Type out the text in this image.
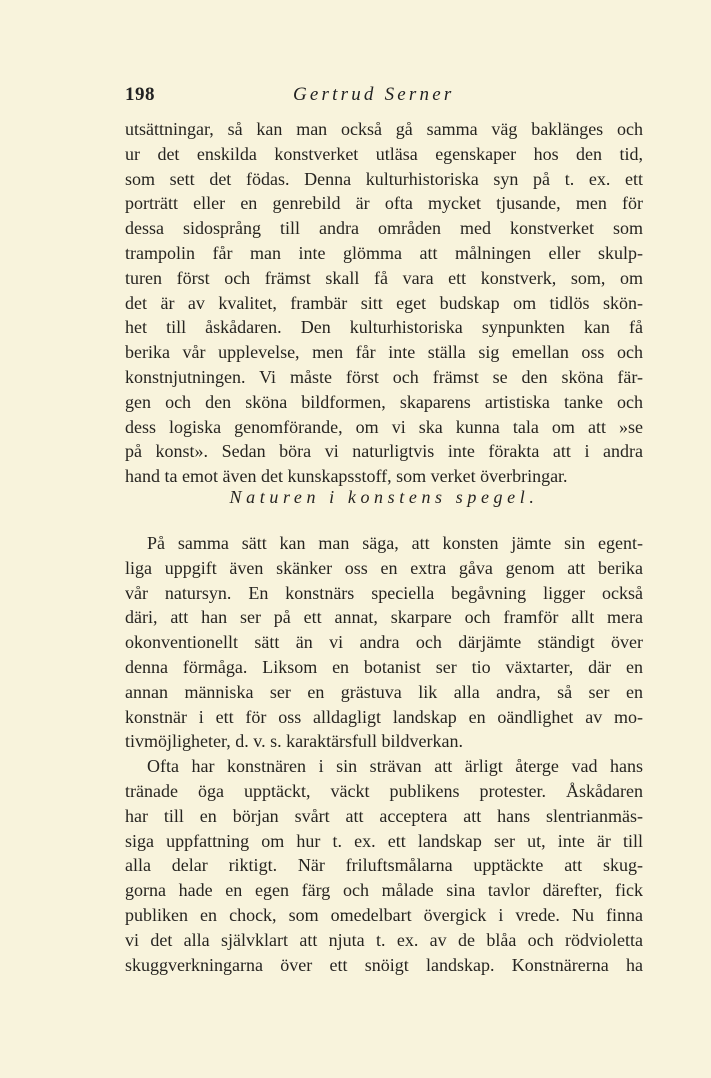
198	Gertrud Serner
utsättningar, så kan man också gå samma väg baklänges och
ur det enskilda konstverket utläsa egenskaper hos den tid,
som sett det födas. Denna kulturhistoriska syn på t. ex. ett
porträtt eller en genrebild är ofta mycket tjusande, men för
dessa sidosprång till andra områden med konstverket som
trampolin får man inte glömma att målningen eller skulp-
turen först och främst skall få vara ett konstverk, som, om
det är av kvalitet, frambär sitt eget budskap om tidlös skön-
het till åskådaren. Den kulturhistoriska synpunkten kan få
berika vår upplevelse, men får inte ställa sig emellan oss och
konstnjutningen. Vi måste först och främst se den sköna fär-
gen och den sköna bildformen, skaparens artistiska tanke och
dess logiska genomförande, om vi ska kunna tala om att »se
på konst». Sedan böra vi naturligtvis inte förakta att i andra
hand ta emot även det kunskapsstoff, som verket överbringar.
Naturen i konstens spegel.
På samma sätt kan man säga, att konsten jämte sin egent-
liga uppgift även skänker oss en extra gåva genom att berika
vår natursyn. En konstnärs speciella begåvning ligger också
däri, att han ser på ett annat, skarpare och framför allt mera
okonventionellt sätt än vi andra och därjämte ständigt över
denna förmåga. Liksom en botanist ser tio växtarter, där en
annan människa ser en grästuva lik alla andra, så ser en
konstnär i ett för oss alldagligt landskap en oändlighet av mo-
tivmöjligheter, d. v. s. karaktärsfull bildverkan.
Ofta har konstnären i sin strävan att ärligt återge vad hans
tränade öga upptäckt, väckt publikens protester. Åskådaren
har till en början svårt att acceptera att hans slentrianmäs-
siga uppfattning om hur t. ex. ett landskap ser ut, inte är till
alla delar riktigt. När friluftsmålarna upptäckte att skug-
gorna hade en egen färg och målade sina tavlor därefter, fick
publiken en chock, som omedelbart övergick i vrede. Nu finna
vi det alla självklart att njuta t. ex. av de blåa och rödvioletta
skuggverkningarna över ett snöigt landskap. Konstnärerna ha
